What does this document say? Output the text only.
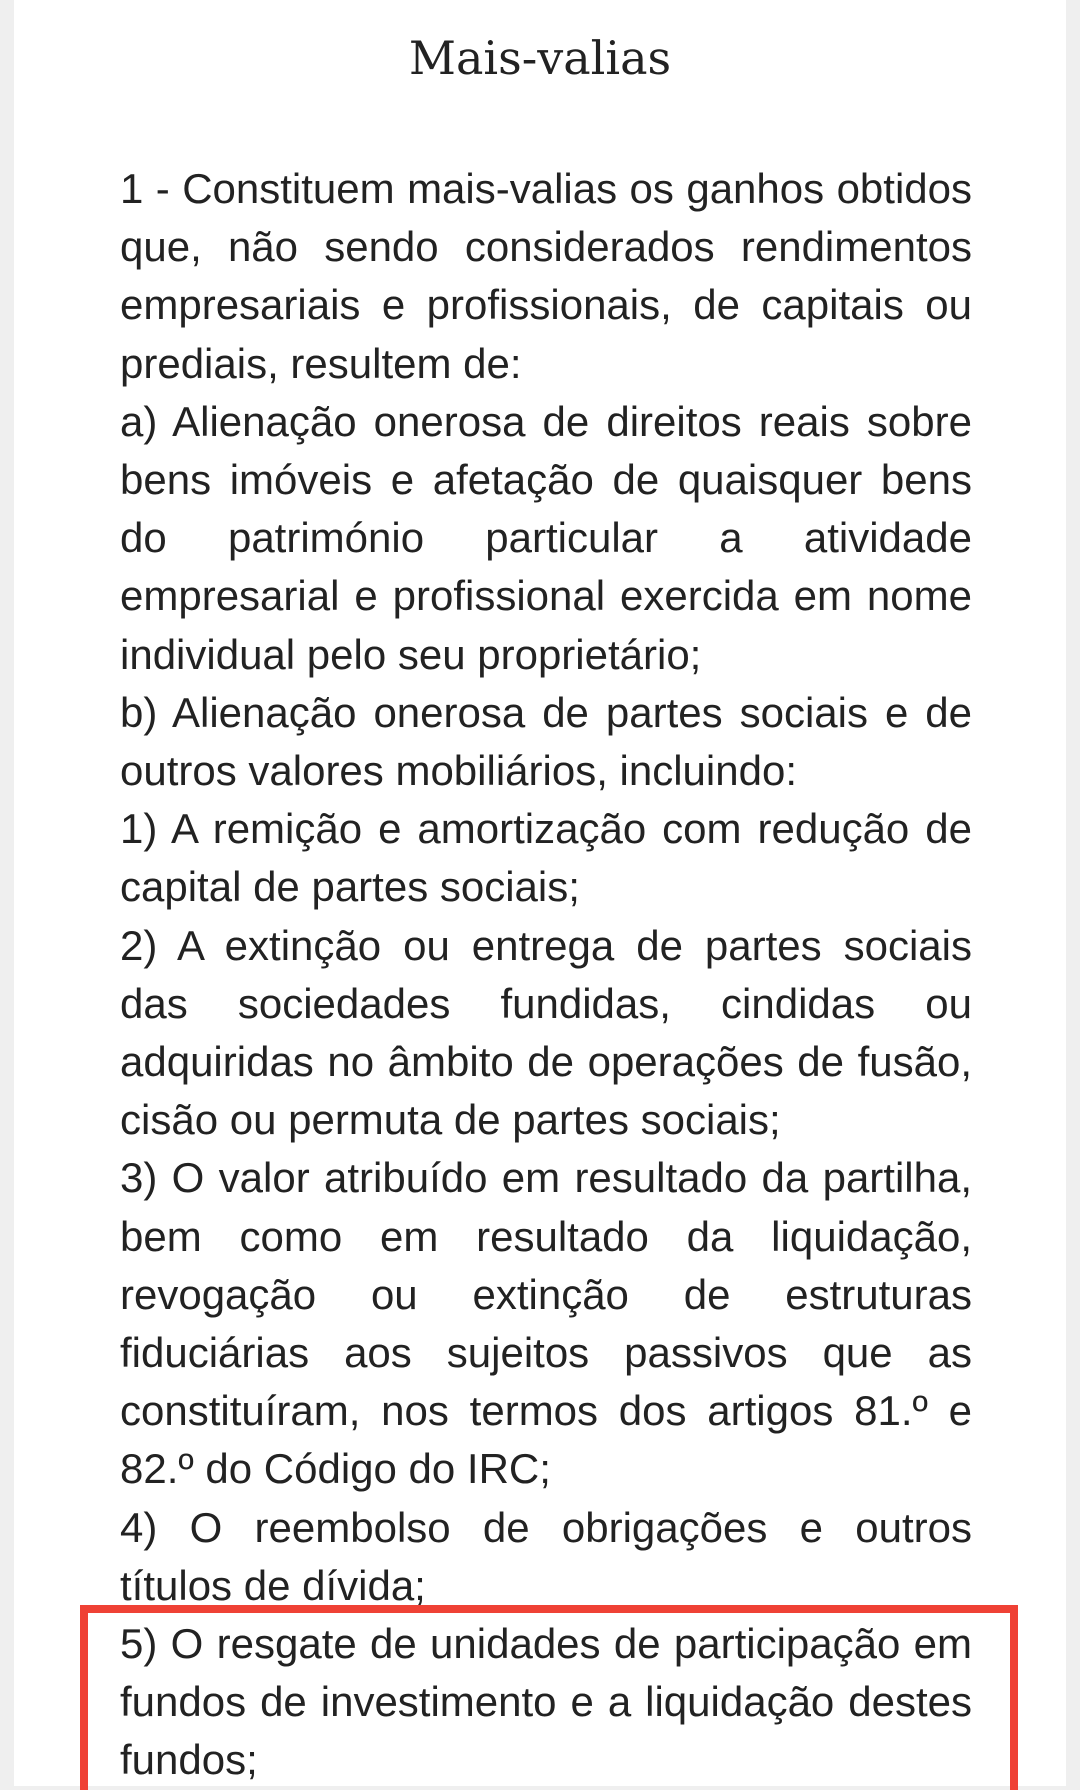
Mais-valias
1 - Constituem mais-valias os ganhos obtidos que, não sendo considerados rendimentos empresariais e profissionais, de capitais ou prediais, resultem de:
a) Alienação onerosa de direitos reais sobre bens imóveis e afetação de quaisquer bens do património particular a atividade empresarial e profissional exercida em nome individual pelo seu proprietário;
b) Alienação onerosa de partes sociais e de outros valores mobiliários, incluindo:
1) A remição e amortização com redução de capital de partes sociais;
2) A extinção ou entrega de partes sociais das sociedades fundidas, cindidas ou adquiridas no âmbito de operações de fusão, cisão ou permuta de partes sociais;
3) O valor atribuído em resultado da partilha, bem como em resultado da liquidação, revogação ou extinção de estruturas fiduciárias aos sujeitos passivos que as constituíram, nos termos dos artigos 81.º e 82.º do Código do IRC;
4) O reembolso de obrigações e outros títulos de dívida;
5) O resgate de unidades de participação em fundos de investimento e a liquidação destes fundos;
